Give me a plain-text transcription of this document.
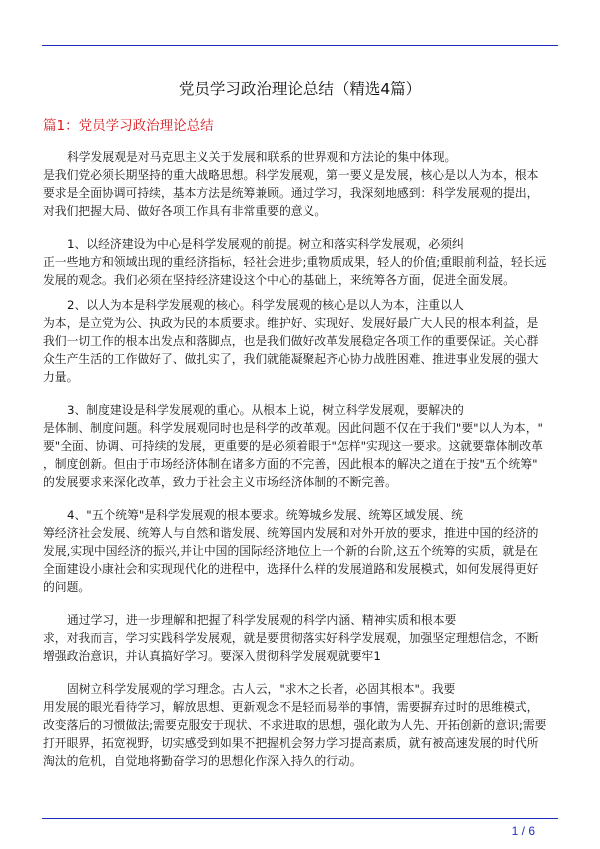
党员学习政治理论总结（精选4篇）
篇1：党员学习政治理论总结
科学发展观是对马克思主义关于发展和联系的世界观和方法论的集中体现。
是我们党必须长期坚持的重大战略思想。科学发展观，第一要义是发展，核心是以人为本，根本
要求是全面协调可持续，基本方法是统筹兼顾。通过学习，我深刻地感到：科学发展观的提出，
对我们把握大局、做好各项工作具有非常重要的意义。
1、以经济建设为中心是科学发展观的前提。树立和落实科学发展观，必须纠
正一些地方和领域出现的重经济指标，轻社会进步;重物质成果，轻人的价值;重眼前利益，轻长远
发展的观念。我们必须在坚持经济建设这个中心的基础上，来统筹各方面，促进全面发展。
2、以人为本是科学发展观的核心。科学发展观的核心是以人为本，注重以人
为本，是立党为公、执政为民的本质要求。维护好、实现好、发展好最广大人民的根本利益，是
我们一切工作的根本出发点和落脚点，也是我们做好改革发展稳定各项工作的重要保证。关心群
众生产生活的工作做好了、做扎实了，我们就能凝聚起齐心协力战胜困难、推进事业发展的强大
力量。
3、制度建设是科学发展观的重心。从根本上说，树立科学发展观，要解决的
是体制、制度问题。科学发展观同时也是科学的改革观。因此问题不仅在于我们"要"以人为本，"
要"全面、协调、可持续的发展，更重要的是必须着眼于"怎样"实现这一要求。这就要靠体制改革
，制度创新。但由于市场经济体制在诸多方面的不完善，因此根本的解决之道在于按"五个统筹"
的发展要求来深化改革，致力于社会主义市场经济体制的不断完善。
4、"五个统筹"是科学发展观的根本要求。统筹城乡发展、统筹区域发展、统
筹经济社会发展、统筹人与自然和谐发展、统筹国内发展和对外开放的要求，推进中国的经济的
发展,实现中国经济的振兴,并让中国的国际经济地位上一个新的台阶,这五个统筹的实质，就是在
全面建设小康社会和实现现代化的进程中，选择什么样的发展道路和发展模式，如何发展得更好
的问题。
通过学习，进一步理解和把握了科学发展观的科学内涵、精神实质和根本要
求，对我而言，学习实践科学发展观，就是要贯彻落实好科学发展观，加强坚定理想信念，不断
增强政治意识，并认真搞好学习。要深入贯彻科学发展观就要牢1
固树立科学发展观的学习理念。古人云，"求木之长者，必固其根本"。我要
用发展的眼光看待学习，解放思想、更新观念不是轻而易举的事情，需要摒弃过时的思维模式，
改变落后的习惯做法;需要克服安于现状、不求进取的思想，强化敢为人先、开拓创新的意识;需要
打开眼界，拓宽视野，切实感受到如果不把握机会努力学习提高素质，就有被高速发展的时代所
淘汰的危机，自觉地将勤奋学习的思想化作深入持久的行动。
1 / 6
